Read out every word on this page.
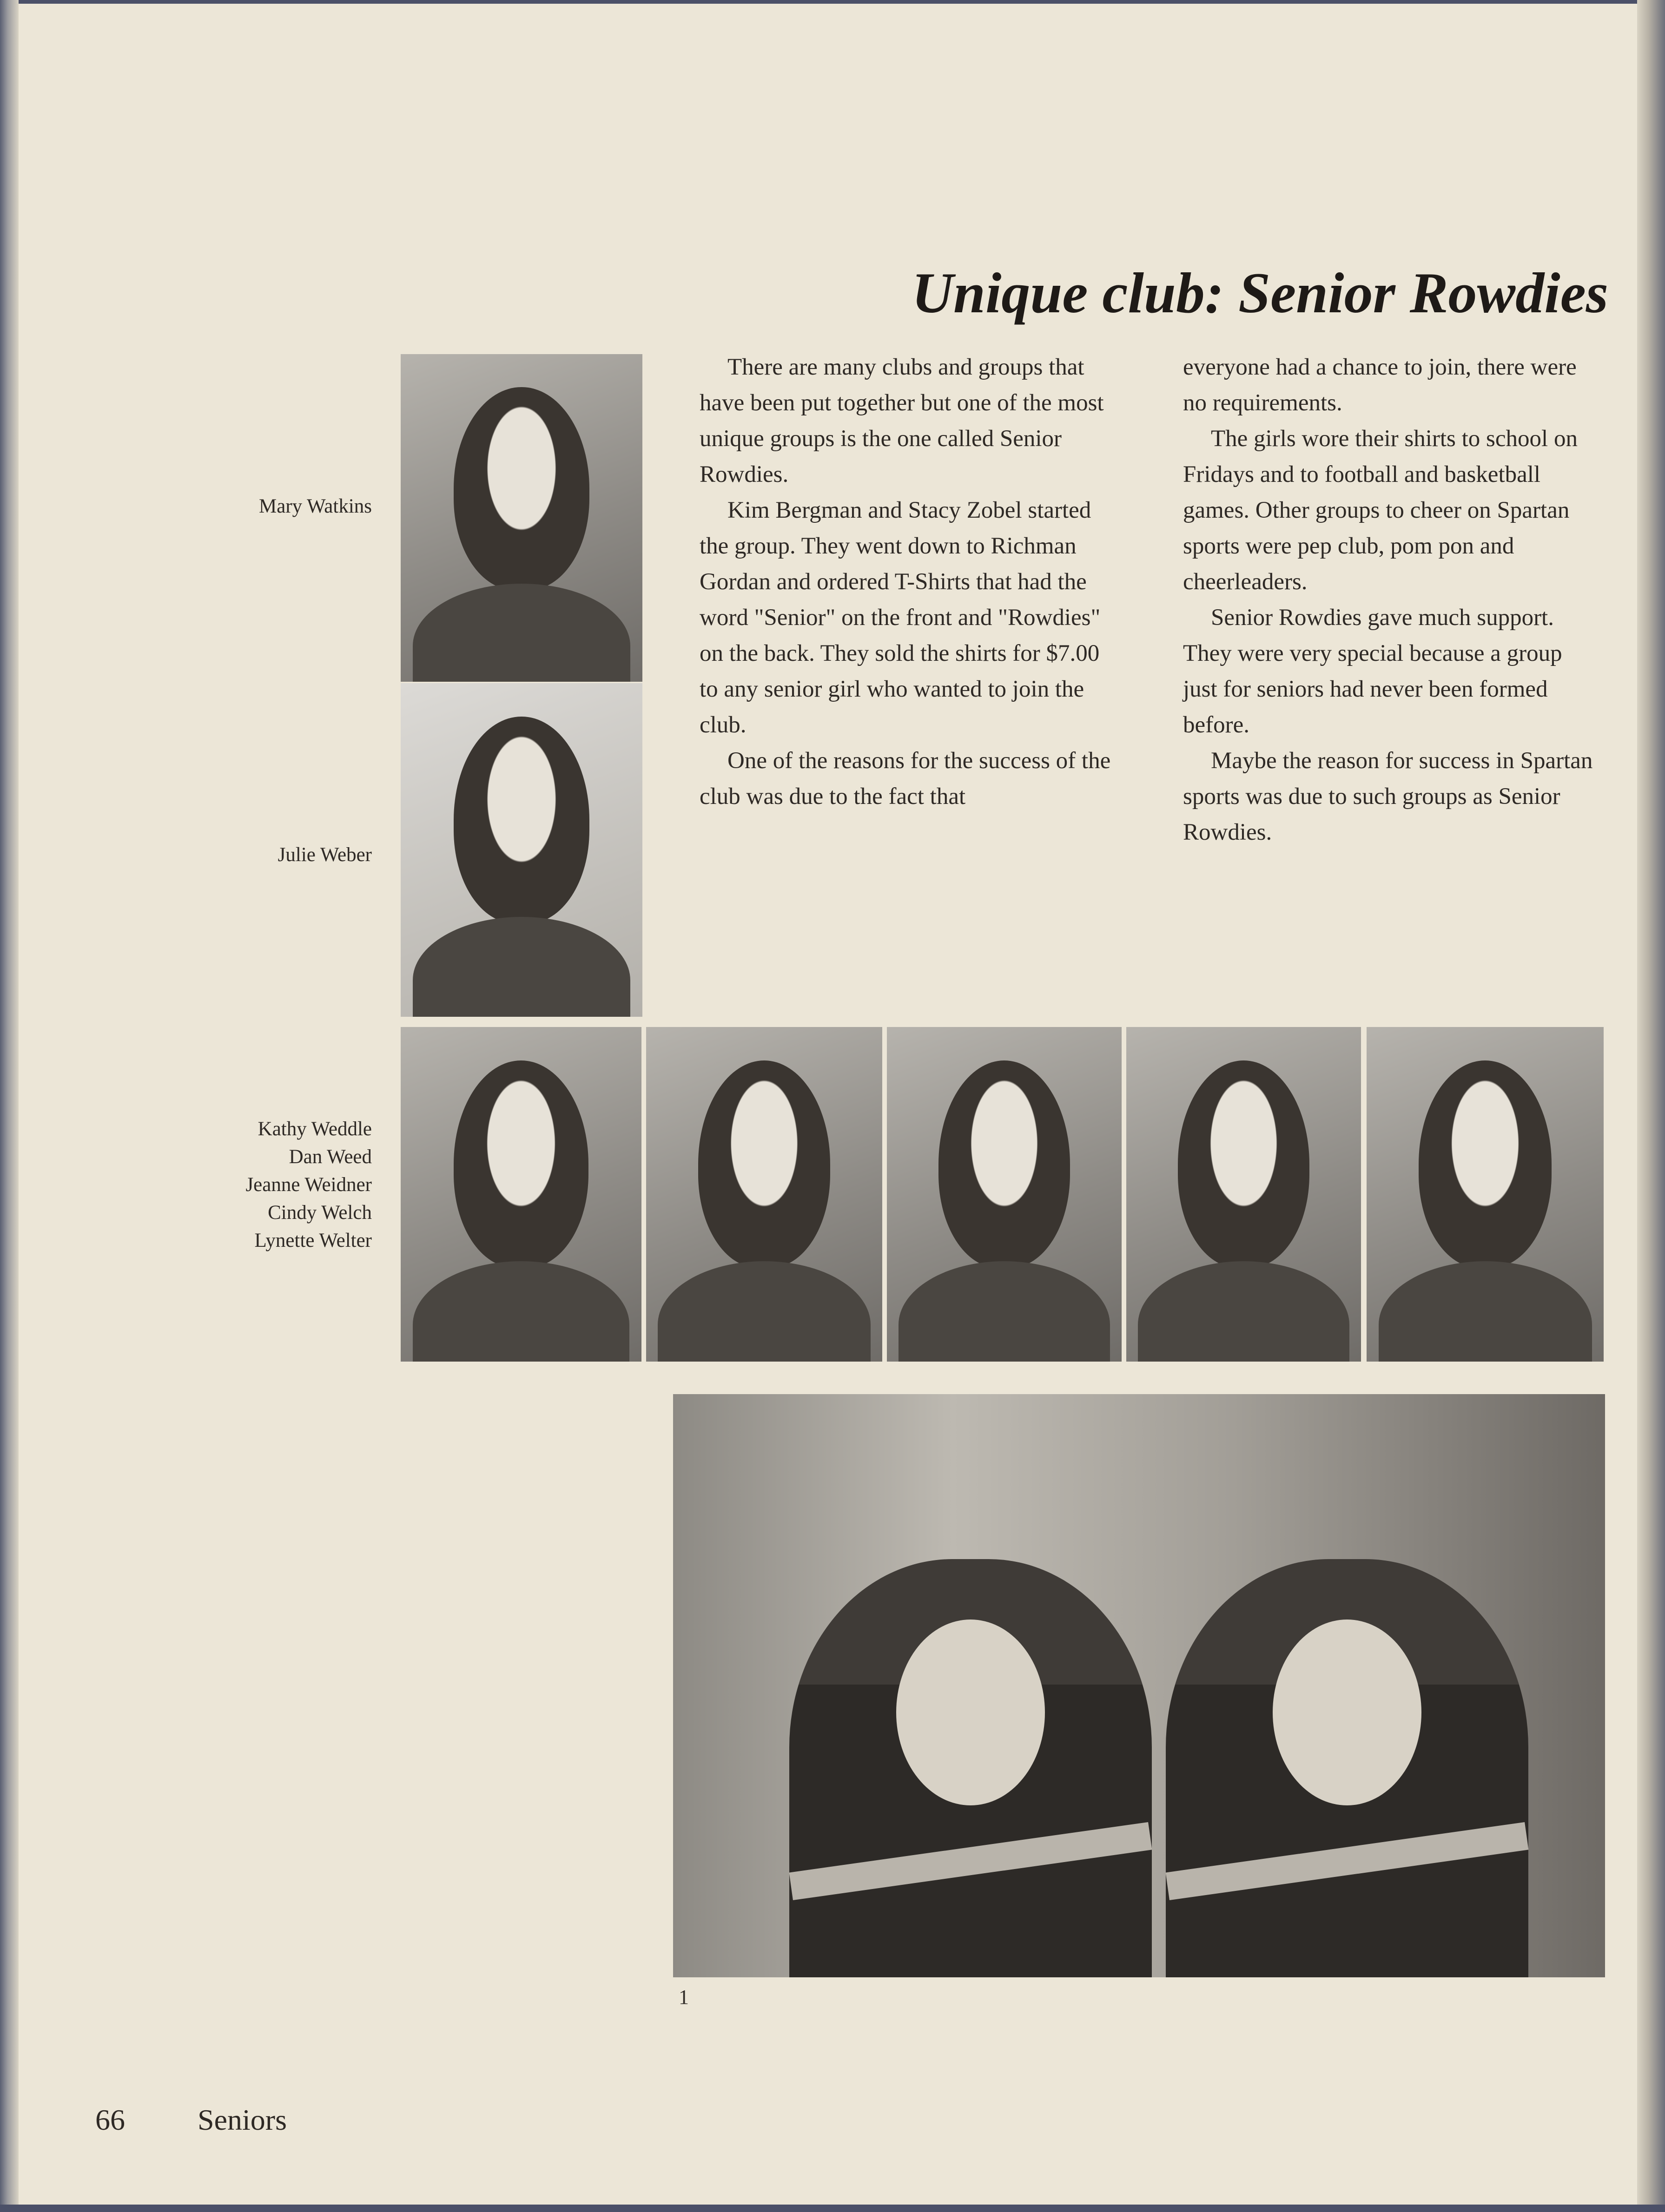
Unique club: Senior Rowdies

There are many clubs and groups that have been put together but one of the most unique groups is the one called Senior Rowdies.

Kim Bergman and Stacy Zobel started the group. They went down to Richman Gordan and ordered T-Shirts that had the word "Senior" on the front and "Rowdies" on the back. They sold the shirts for $7.00 to any senior girl who wanted to join the club.

One of the reasons for the success of the club was due to the fact that

everyone had a chance to join, there were no requirements.

The girls wore their shirts to school on Fridays and to football and basketball games. Other groups to cheer on Spartan sports were pep club, pom pon and cheerleaders.

Senior Rowdies gave much support. They were very special because a group just for seniors had never been formed before.

Maybe the reason for success in Spartan sports was due to such groups as Senior Rowdies.

Mary Watkins
Julie Weber
Kathy Weddle
Dan Weed
Jeanne Weidner
Cindy Welch
Lynette Welter

1

66 Seniors
